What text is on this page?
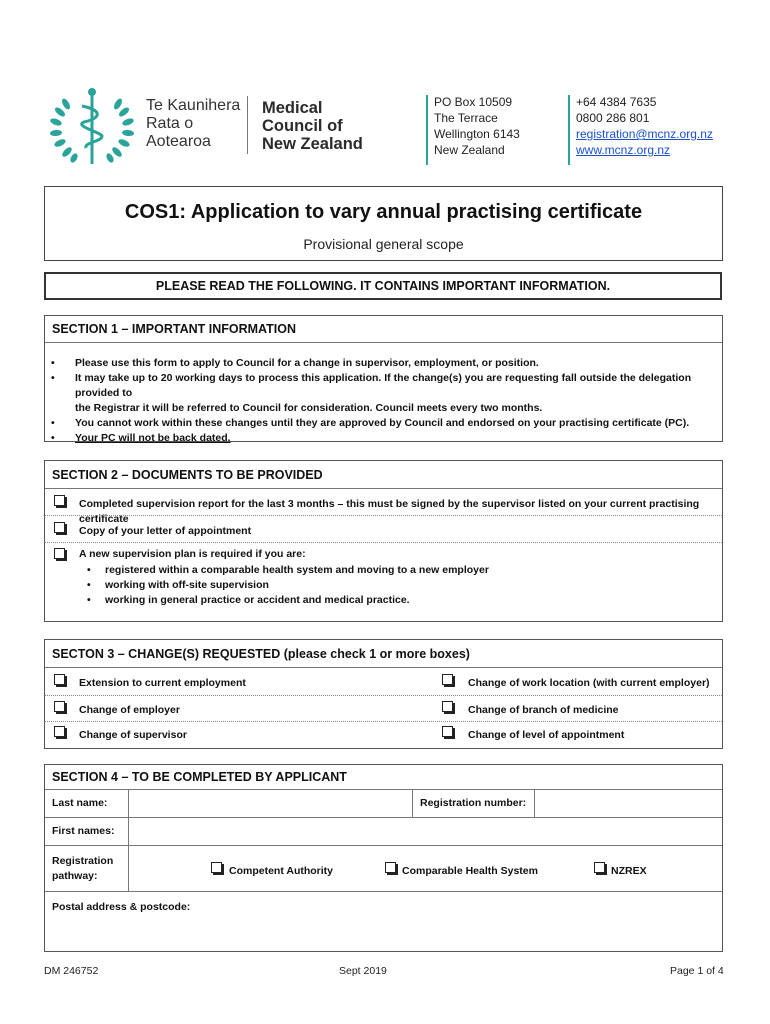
Te Kaunihera
Rata o
Aotearoa
Medical
Council of
New Zealand
PO Box 10509
The Terrace
Wellington 6143
New Zealand
+64 4384 7635
0800 286 801
registration@mcnz.org.nz
www.mcnz.org.nz
COS1: Application to vary annual practising certificate
Provisional general scope
PLEASE READ THE FOLLOWING. IT CONTAINS IMPORTANT INFORMATION.
SECTION 1 – IMPORTANT INFORMATION
• Please use this form to apply to Council for a change in supervisor, employment, or position.
• It may take up to 20 working days to process this application. If the change(s) you are requesting fall outside the delegation provided to
the Registrar it will be referred to Council for consideration. Council meets every two months.
• You cannot work within these changes until they are approved by Council and endorsed on your practising certificate (PC).
• Your PC will not be back dated.
SECTION 2 – DOCUMENTS TO BE PROVIDED
Completed supervision report for the last 3 months – this must be signed by the supervisor listed on your current practising certificate
Copy of your letter of appointment
A new supervision plan is required if you are:
• registered within a comparable health system and moving to a new employer
• working with off-site supervision
• working in general practice or accident and medical practice.
SECTON 3 – CHANGE(S) REQUESTED (please check 1 or more boxes)
Extension to current employment	Change of work location (with current employer)
Change of employer	Change of branch of medicine
Change of supervisor	Change of level of appointment
SECTION 4 – TO BE COMPLETED BY APPLICANT
Last name:	Registration number:
First names:
Registration
pathway:	Competent Authority	Comparable Health System	NZREX
Postal address & postcode:
DM 246752	Sept 2019	Page 1 of 4
